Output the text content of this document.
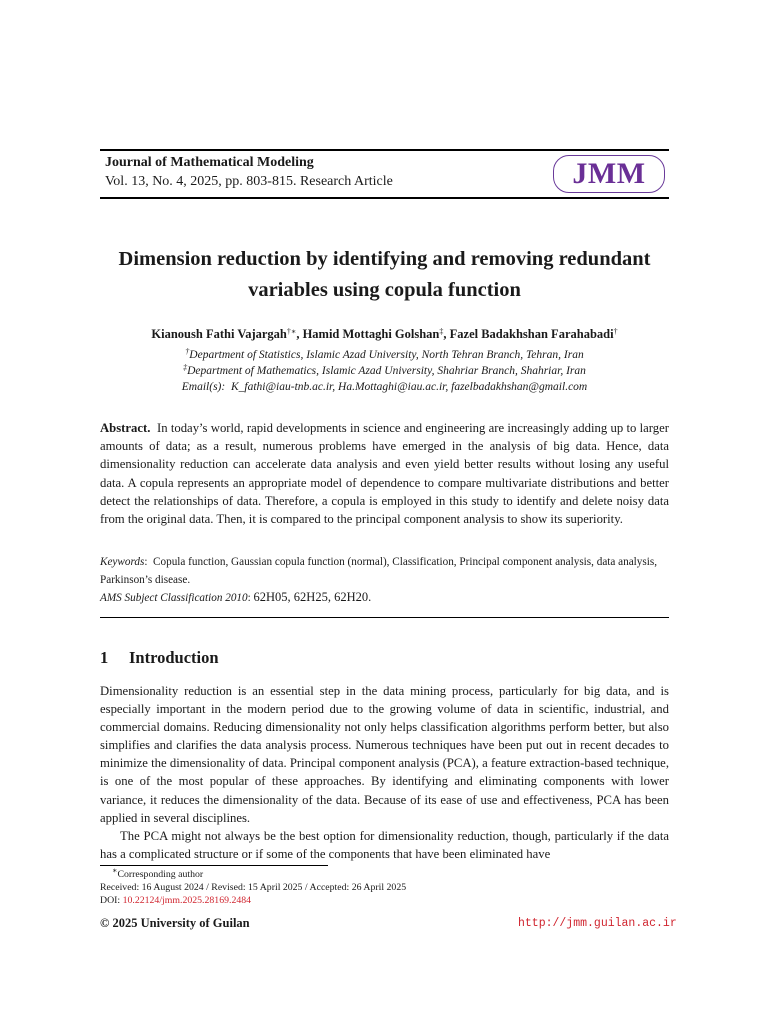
Journal of Mathematical Modeling
Vol. 13, No. 4, 2025, pp. 803-815. Research Article	JMM
Dimension reduction by identifying and removing redundant
variables using copula function
Kianoush Fathi Vajargah†∗, Hamid Mottaghi Golshan‡, Fazel Badakhshan Farahabadi†
†Department of Statistics, Islamic Azad University, North Tehran Branch, Tehran, Iran
‡Department of Mathematics, Islamic Azad University, Shahriar Branch, Shahriar, Iran
Email(s): K_fathi@iau-tnb.ac.ir, Ha.Mottaghi@iau.ac.ir, fazelbadakhshan@gmail.com
Abstract. In today’s world, rapid developments in science and engineering are increasingly adding up to larger amounts of data; as a result, numerous problems have emerged in the analysis of big data. Hence, data dimensionality reduction can accelerate data analysis and even yield better results without losing any useful data. A copula represents an appropriate model of dependence to compare multivariate distributions and better detect the relationships of data. Therefore, a copula is employed in this study to identify and delete noisy data from the original data. Then, it is compared to the principal component analysis to show its superiority.
Keywords:  Copula function, Gaussian copula function (normal), Classification, Principal component analysis, data analysis, Parkinson’s disease.
AMS Subject Classification 2010: 62H05, 62H25, 62H20.
1 Introduction

Dimensionality reduction is an essential step in the data mining process, particularly for big data, and is especially important in the modern period due to the growing volume of data in scientific, industrial, and commercial domains. Reducing dimensionality not only helps classification algorithms perform better, but also simplifies and clarifies the data analysis process. Numerous techniques have been put out in recent decades to minimize the dimensionality of data. Principal component analysis (PCA), a feature extraction-based technique, is one of the most popular of these approaches. By identifying and eliminating components with lower variance, it reduces the dimensionality of the data. Because of its ease of use and effectiveness, PCA has been applied in several disciplines.

The PCA might not always be the best option for dimensionality reduction, though, particularly if the data has a complicated structure or if some of the components that have been eliminated have

∗Corresponding author
Received: 16 August 2024 / Revised: 15 April 2025 / Accepted: 26 April 2025
DOI: 10.22124/jmm.2025.28169.2484
© 2025 University of Guilan	http://jmm.guilan.ac.ir
